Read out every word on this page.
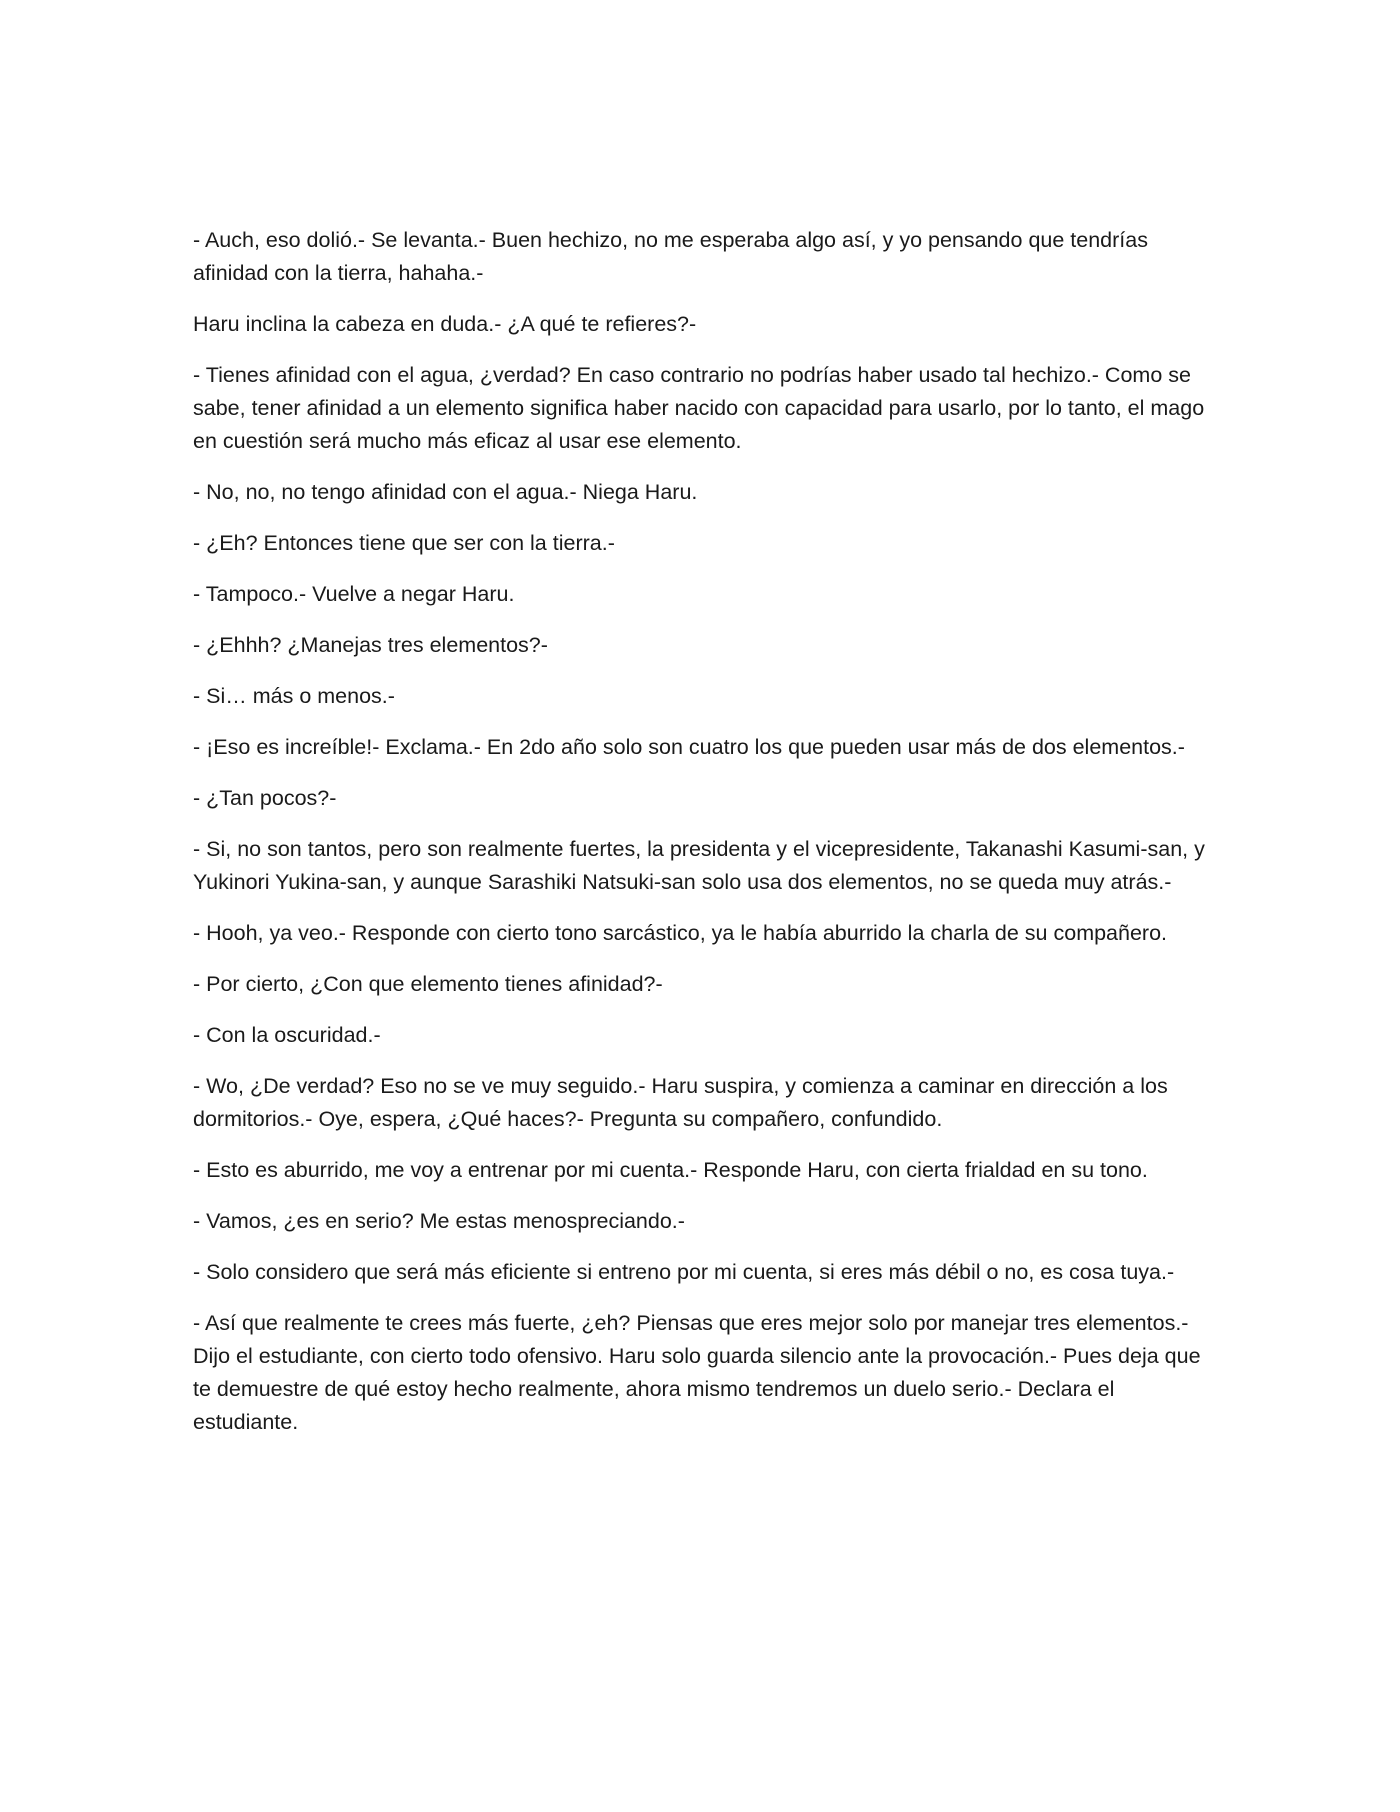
- Auch, eso dolió.- Se levanta.- Buen hechizo, no me esperaba algo así, y yo pensando que tendrías afinidad con la tierra, hahaha.-

Haru inclina la cabeza en duda.- ¿A qué te refieres?-

- Tienes afinidad con el agua, ¿verdad? En caso contrario no podrías haber usado tal hechizo.- Como se sabe, tener afinidad a un elemento significa haber nacido con capacidad para usarlo, por lo tanto, el mago en cuestión será mucho más eficaz al usar ese elemento.

- No, no, no tengo afinidad con el agua.- Niega Haru.

- ¿Eh? Entonces tiene que ser con la tierra.-

- Tampoco.- Vuelve a negar Haru.

- ¿Ehhh? ¿Manejas tres elementos?-

- Si… más o menos.-

- ¡Eso es increíble!- Exclama.- En 2do año solo son cuatro los que pueden usar más de dos elementos.-

- ¿Tan pocos?-

- Si, no son tantos, pero son realmente fuertes, la presidenta y el vicepresidente, Takanashi Kasumi-san, y Yukinori Yukina-san, y aunque Sarashiki Natsuki-san solo usa dos elementos, no se queda muy atrás.-

- Hooh, ya veo.- Responde con cierto tono sarcástico, ya le había aburrido la charla de su compañero.

- Por cierto, ¿Con que elemento tienes afinidad?-

- Con la oscuridad.-

- Wo, ¿De verdad? Eso no se ve muy seguido.- Haru suspira, y comienza a caminar en dirección a los dormitorios.- Oye, espera, ¿Qué haces?- Pregunta su compañero, confundido.

- Esto es aburrido, me voy a entrenar por mi cuenta.- Responde Haru, con cierta frialdad en su tono.

- Vamos, ¿es en serio? Me estas menospreciando.-

- Solo considero que será más eficiente si entreno por mi cuenta, si eres más débil o no, es cosa tuya.-

- Así que realmente te crees más fuerte, ¿eh? Piensas que eres mejor solo por manejar tres elementos.- Dijo el estudiante, con cierto todo ofensivo. Haru solo guarda silencio ante la provocación.- Pues deja que te demuestre de qué estoy hecho realmente, ahora mismo tendremos un duelo serio.- Declara el estudiante.
